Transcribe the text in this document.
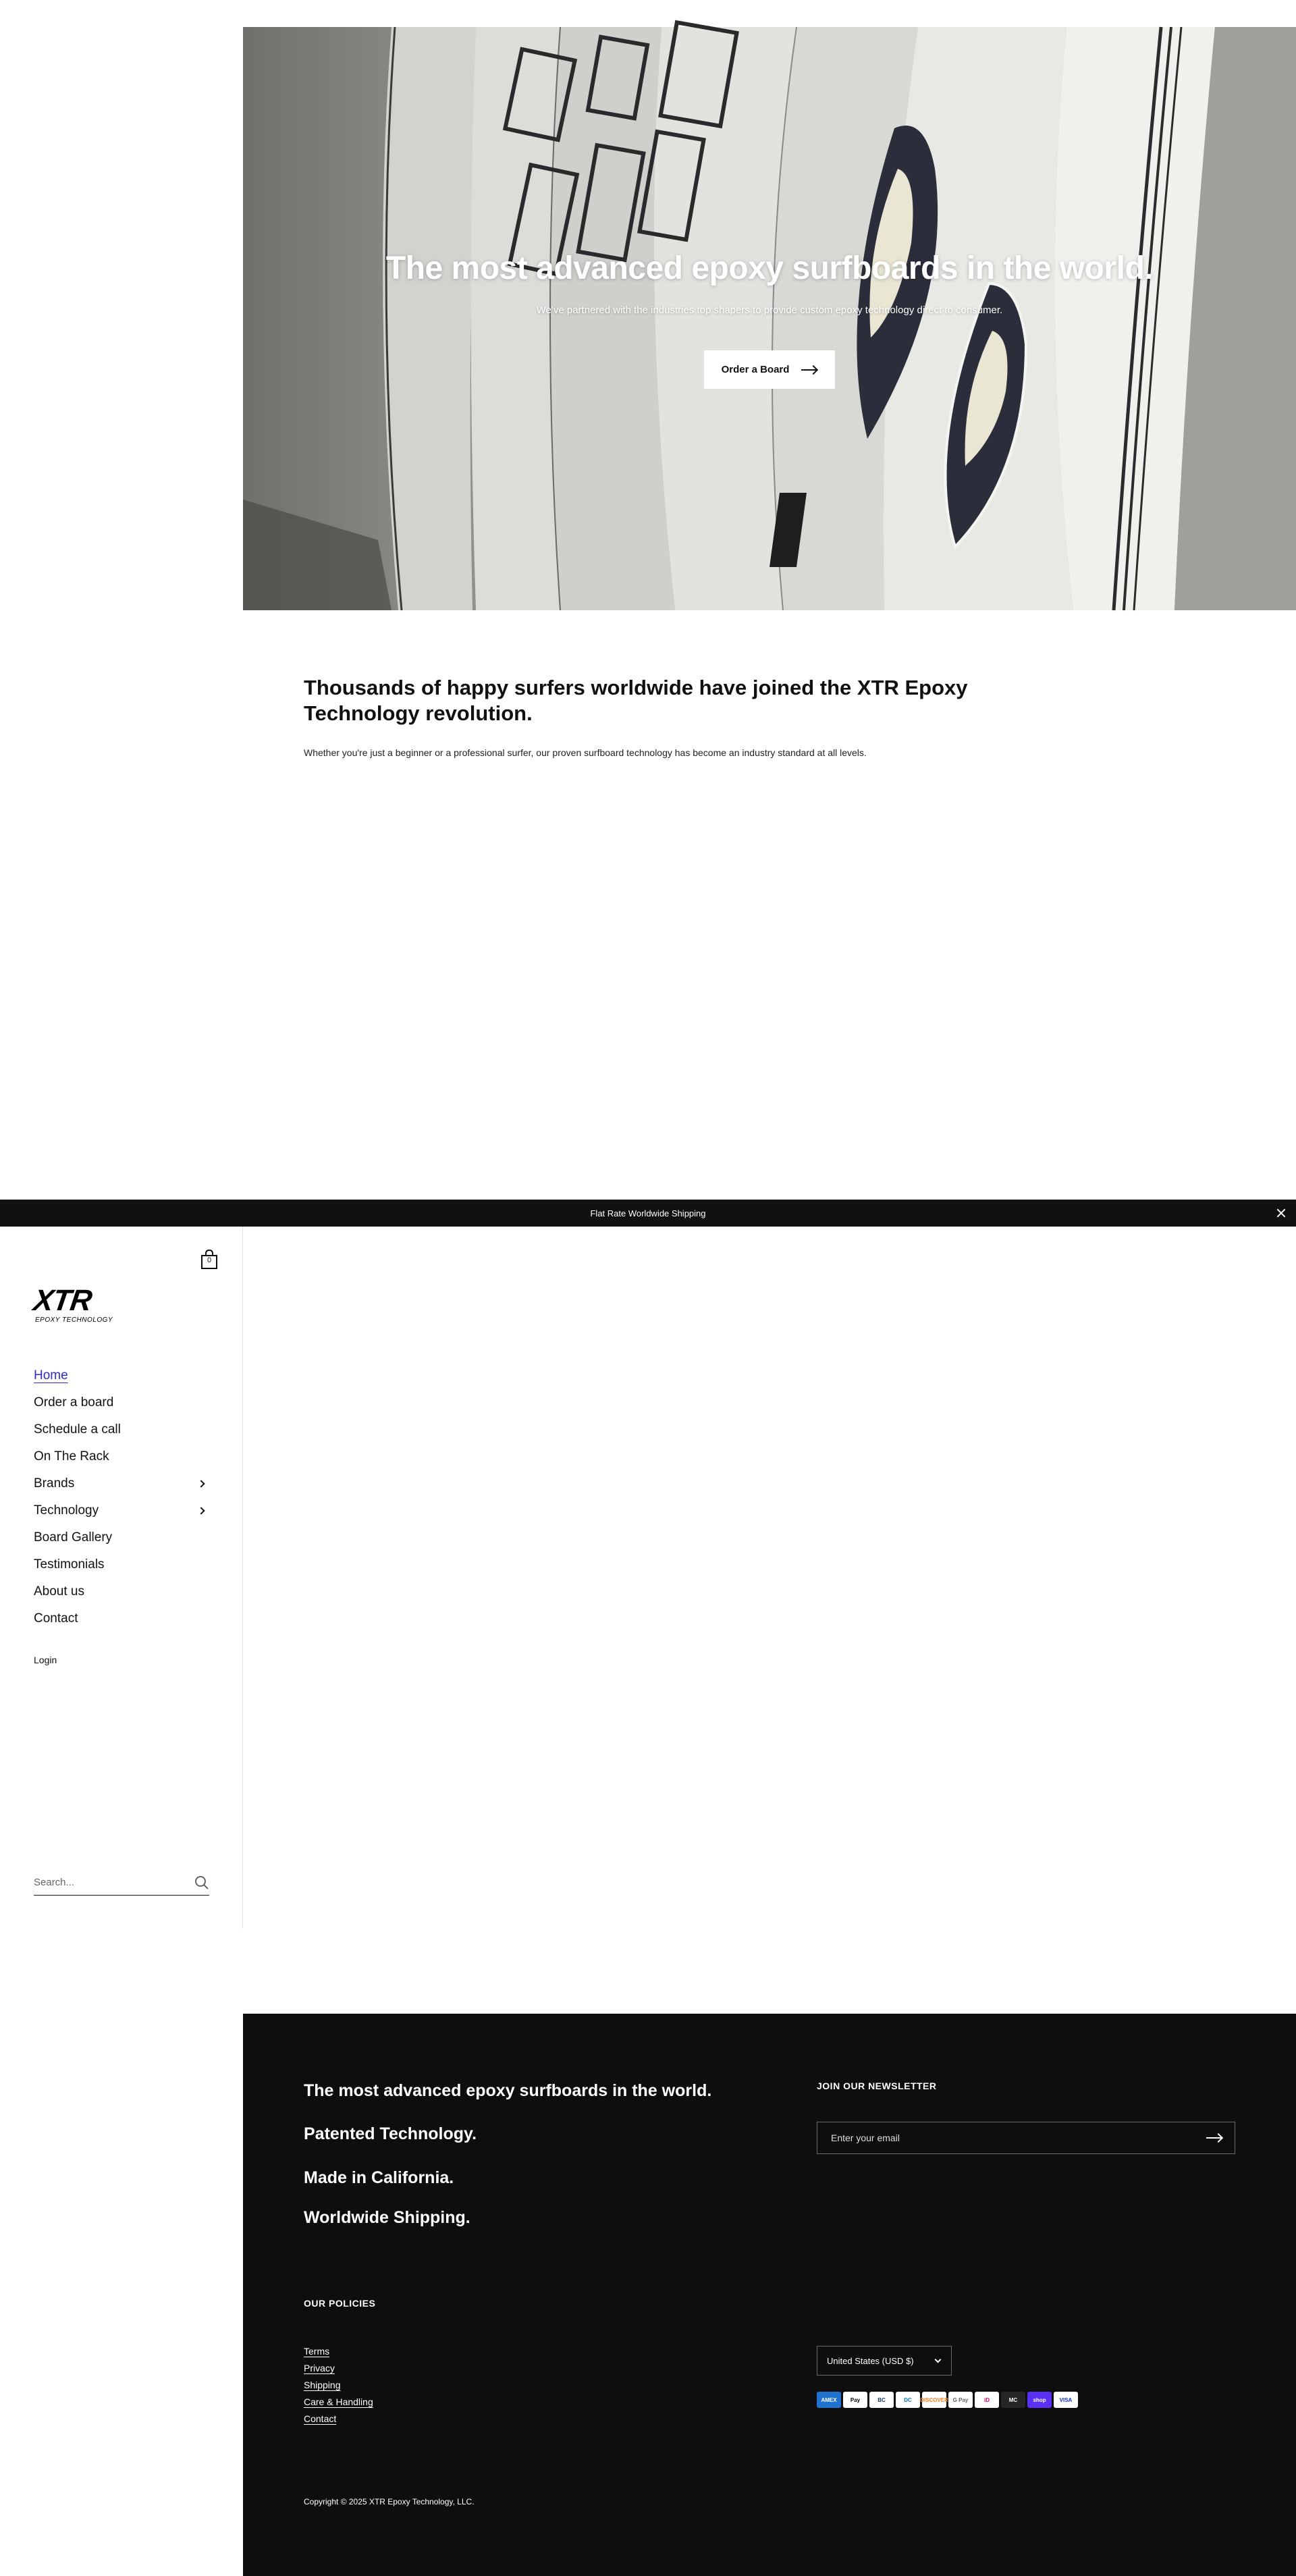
The most advanced epoxy surfboards in the world.

We've partnered with the industries top shapers to provide custom epoxy technology direct to consumer.

Order a Board
Thousands of happy surfers worldwide have joined the XTR Epoxy Technology revolution.

Whether you're just a beginner or a professional surfer, our proven surfboard technology has become an industry standard at all levels.

Flat Rate Worldwide Shipping
0
XTR
EPOXY TECHNOLOGY
Home
Order a board
Schedule a call
On The Rack
Brands
Technology
Board Gallery
Testimonials
About us
Contact
Login
Search...

The most advanced epoxy surfboards in the world.

Patented Technology.

Made in California.

Worldwide Shipping.

JOIN OUR NEWSLETTER

Enter your email

OUR POLICIES

Terms
Privacy
Shipping
Care & Handling
Contact
United States (USD $)
AMEX	Pay	BC	DC	DISCOVER G Pay	iD	MC	shop	VISA

Copyright © 2025 XTR Epoxy Technology, LLC.
